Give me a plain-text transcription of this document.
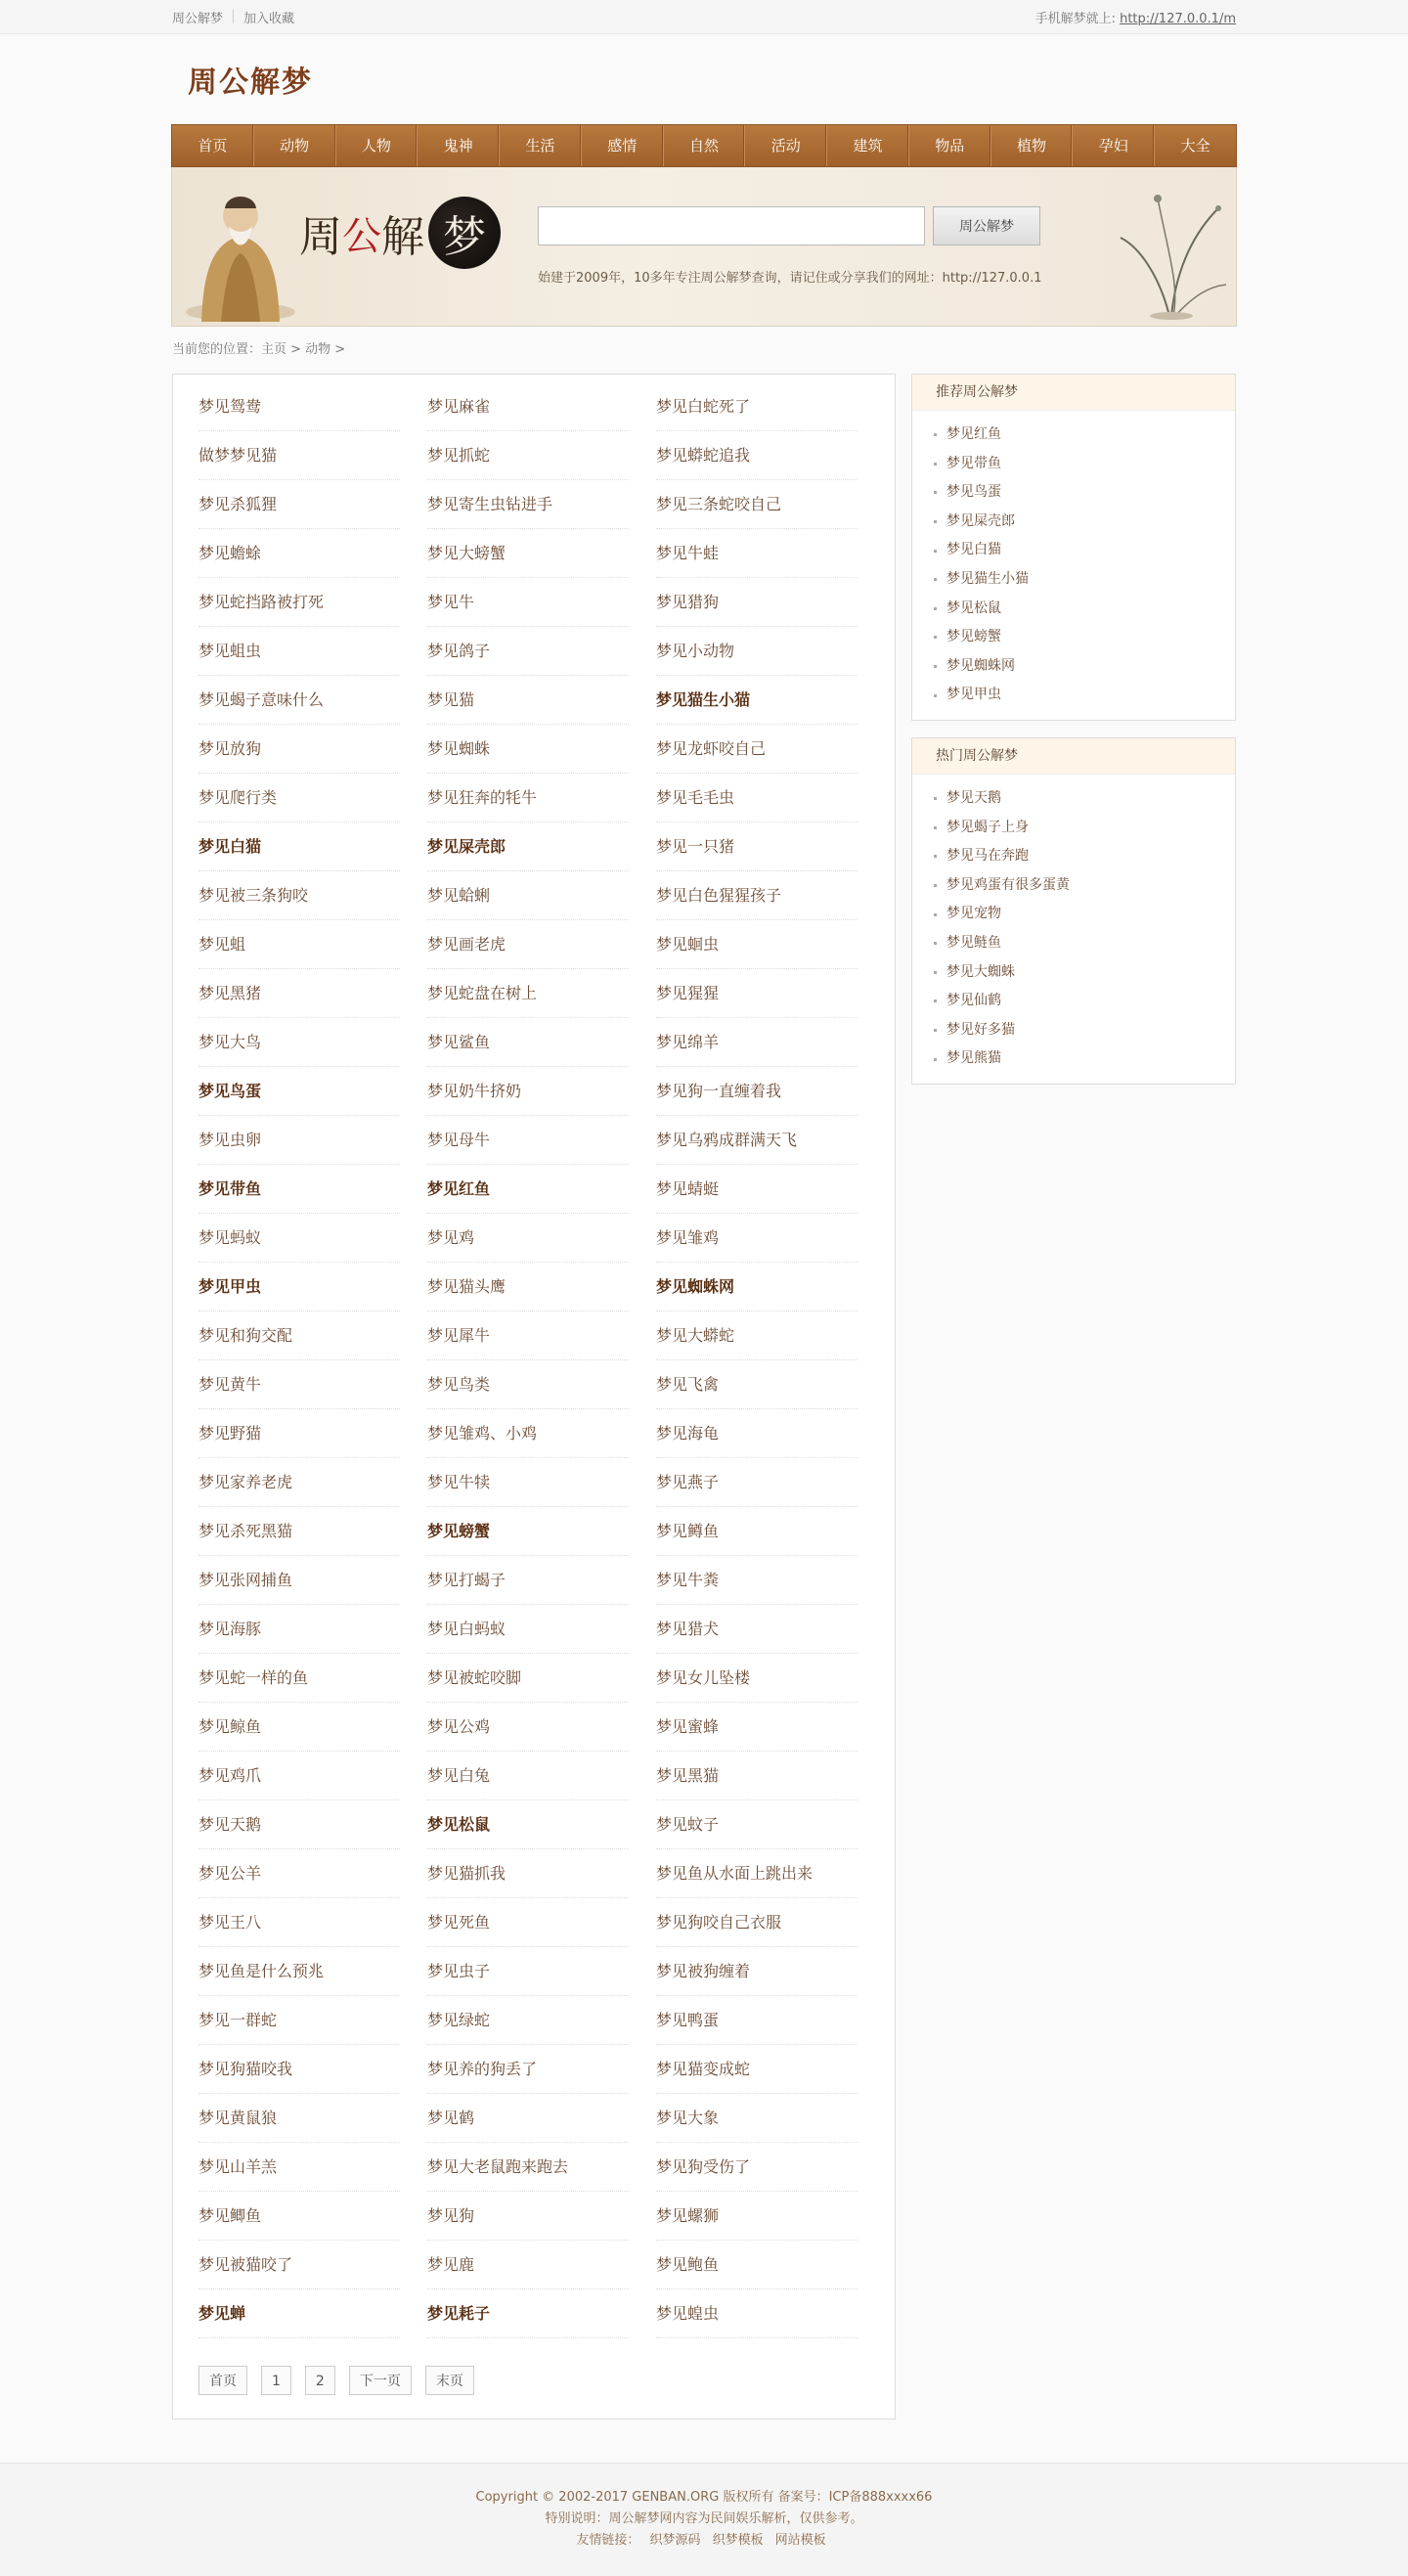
周公解梦 加入收藏	手机解梦就上: http://127.0.0.1/m
周公解梦
首页	动物	人物	鬼神	生活	感情	自然	活动	建筑	物品	植物	孕妇	大全
周 公 解 梦	周公解梦
始建于2009年，10多年专注周公解梦查询，请记住或分享我们的网址：http://127.0.0.1
当前您的位置：主页 > 动物 >
梦见鸳鸯	梦见麻雀	梦见白蛇死了
做梦梦见猫	梦见抓蛇	梦见蟒蛇追我
梦见杀狐狸	梦见寄生虫钻进手	梦见三条蛇咬自己
梦见蟾蜍	梦见大螃蟹	梦见牛蛙
梦见蛇挡路被打死	梦见牛	梦见猎狗
梦见蛆虫	梦见鸽子	梦见小动物
梦见蝎子意味什么	梦见猫	梦见猫生小猫
梦见放狗	梦见蜘蛛	梦见龙虾咬自己
梦见爬行类	梦见狂奔的牦牛	梦见毛毛虫
梦见白猫	梦见屎壳郎	梦见一只猪
梦见被三条狗咬	梦见蛤蜊	梦见白色猩猩孩子
梦见蛆	梦见画老虎	梦见蛔虫
梦见黑猪	梦见蛇盘在树上	梦见猩猩
梦见大鸟	梦见鲨鱼	梦见绵羊
梦见鸟蛋	梦见奶牛挤奶	梦见狗一直缠着我
梦见虫卵	梦见母牛	梦见乌鸦成群满天飞
梦见带鱼	梦见红鱼	梦见蜻蜓
梦见蚂蚁	梦见鸡	梦见雏鸡
梦见甲虫	梦见猫头鹰	梦见蜘蛛网
梦见和狗交配	梦见犀牛	梦见大蟒蛇
梦见黄牛	梦见鸟类	梦见飞禽
梦见野猫	梦见雏鸡、小鸡	梦见海龟
梦见家养老虎	梦见牛犊	梦见燕子
梦见杀死黑猫	梦见螃蟹	梦见鳟鱼
梦见张网捕鱼	梦见打蝎子	梦见牛粪
梦见海豚	梦见白蚂蚁	梦见猎犬
梦见蛇一样的鱼	梦见被蛇咬脚	梦见女儿坠楼
梦见鲸鱼	梦见公鸡	梦见蜜蜂
梦见鸡爪	梦见白兔	梦见黑猫
梦见天鹅	梦见松鼠	梦见蚊子
梦见公羊	梦见猫抓我	梦见鱼从水面上跳出来
梦见王八	梦见死鱼	梦见狗咬自己衣服
梦见鱼是什么预兆	梦见虫子	梦见被狗缠着
梦见一群蛇	梦见绿蛇	梦见鸭蛋
梦见狗猫咬我	梦见养的狗丢了	梦见猫变成蛇
梦见黄鼠狼	梦见鹤	梦见大象
梦见山羊羔	梦见大老鼠跑来跑去	梦见狗受伤了
梦见鲫鱼	梦见狗	梦见螺狮
梦见被猫咬了	梦见鹿	梦见鲍鱼
梦见蝉	梦见耗子	梦见蝗虫
首页	1	2	下一页	末页
推荐周公解梦
梦见红鱼
梦见带鱼
梦见鸟蛋
梦见屎壳郎
梦见白猫
梦见猫生小猫
梦见松鼠
梦见螃蟹
梦见蜘蛛网
梦见甲虫
热门周公解梦
梦见天鹅
梦见蝎子上身
梦见马在奔跑
梦见鸡蛋有很多蛋黄
梦见宠物
梦见鲢鱼
梦见大蜘蛛
梦见仙鹤
梦见好多猫
梦见熊猫
Copyright © 2002-2017 GENBAN.ORG 版权所有 备案号：ICP备888xxxx66
特别说明：周公解梦网内容为民间娱乐解析，仅供参考。
友情链接： 织梦源码 织梦模板 网站模板
